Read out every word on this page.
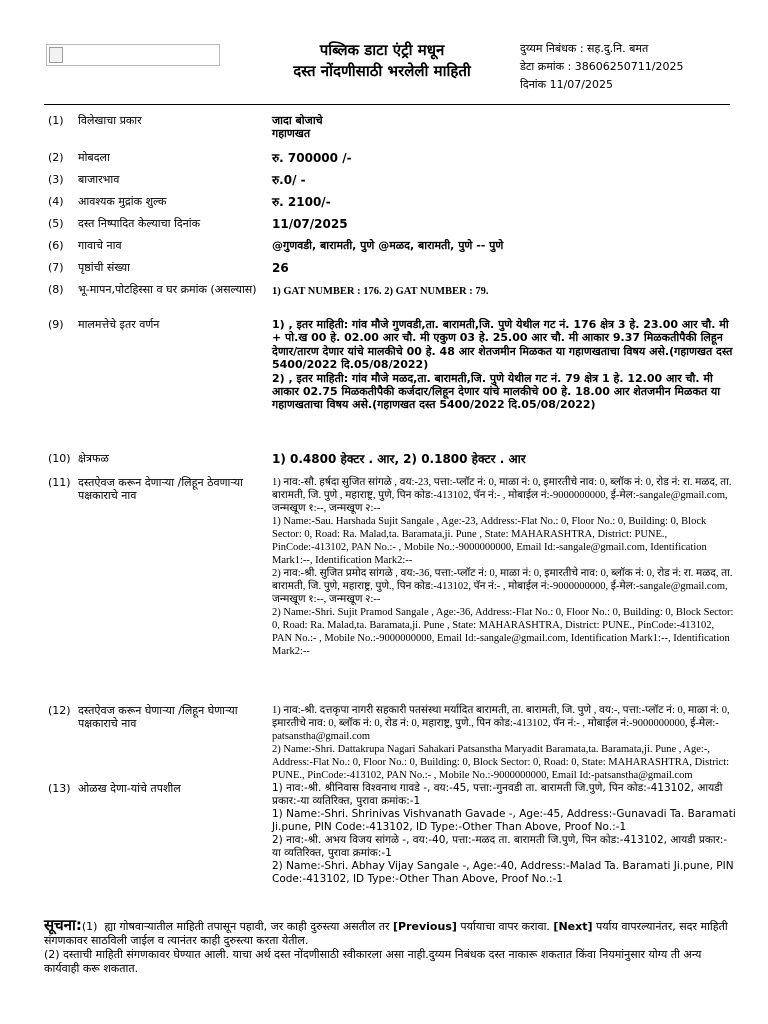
पब्लिक डाटा एंट्री मधून
दस्त नोंदणीसाठी भरलेली माहिती
दुय्यम निबंधक : सह.दु.नि. बमत
डेटा क्रमांक : 38606250711/2025
दिनांक 11/07/2025
(1) विलेखाचा प्रकार	जादा बोजाचे
गहाणखत
(2) मोबदला	रु. 700000 /-
(3) बाजारभाव	रु.0/ -
(4) आवश्यक मुद्रांक शुल्क	रु. 2100/-
(5) दस्त निष्पादित केल्याचा दिनांक	11/07/2025
(6) गावाचे नाव	@गुणवडी, बारामती, पुणे @मळद, बारामती, पुणे -- पुणे
(7) पृष्ठांची संख्या	26
(8) भू-मापन,पोटहिस्सा व घर क्रमांक (असल्यास)	1) GAT NUMBER : 176. 2) GAT NUMBER : 79.
(9) मालमत्तेचे इतर वर्णन	1) , इतर माहिती: गांव मौजे गुणवडी,ता. बारामती,जि. पुणे येथील गट नं. 176 क्षेत्र 3 हे. 23.00 आर चौ. मी + पो.ख 00 हे. 02.00 आर चौ. मी एकुण 03 हे. 25.00 आर चौ. मी आकार 9.37 मिळकतीपैकी लिहून देणार/तारण देणार यांचे मालकीचे 00 हे. 48 आर शेतजमीन मिळकत या गहाणखताचा विषय असे.(गहाणखत दस्त 5400/2022 दि.05/08/2022)

2) , इतर माहिती: गांव मौजे मळद,ता. बारामती,जि. पुणे येथील गट नं. 79 क्षेत्र 1 हे. 12.00 आर चौ. मी आकार 02.75 मिळकतीपैकी कर्जदार/लिहून देणार यांचे मालकीचे 00 हे. 18.00 आर शेतजमीन मिळकत या गहाणखताचा विषय असे.(गहाणखत दस्त 5400/2022 दि.05/08/2022)

(10) क्षेत्रफळ	1) 0.4800 हेक्टर . आर, 2) 0.1800 हेक्टर . आर
(11) दस्तऐवज करून देणाऱ्या /लिहून ठेवणाऱ्या पक्षकाराचे नाव

1) नाव:-सौ. हर्षदा सुजित सांगळे , वय:-23, पत्ता:-प्लॉट नं: 0, माळा नं: 0, इमारतीचे नाव: 0, ब्लॉक नं: 0, रोड नं: रा. मळद, ता. बारामती, जि. पुणे , महाराष्ट्र, पुणे, पिन कोड:-413102, पॅन नं:- , मोबाईल नं:-9000000000, ई-मेल:-sangale@gmail.com, जन्मखूण १:--, जन्मखूण २:--

1) Name:-Sau. Harshada Sujit Sangale , Age:-23, Address:-Flat No.: 0, Floor No.: 0, Building: 0, Block Sector: 0, Road: Ra. Malad,ta. Baramata,ji. Pune , State: MAHARASHTRA, District: PUNE., PinCode:-413102, PAN No.:- , Mobile No.:-9000000000, Email Id:-sangale@gmail.com, Identification Mark1:--, Identification Mark2:--

2) नाव:-श्री. सुजित प्रमोद सांगळे , वय:-36, पत्ता:-प्लॉट नं: 0, माळा नं: 0, इमारतीचे नाव: 0, ब्लॉक नं: 0, रोड नं: रा. मळद, ता. बारामती, जि. पुणे, महाराष्ट्र, पुणे., पिन कोड:-413102, पॅन नं:- , मोबाईल नं:-9000000000, ई-मेल:-sangale@gmail.com, जन्मखूण १:--, जन्मखूण २:--

2) Name:-Shri. Sujit Pramod Sangale , Age:-36, Address:-Flat No.: 0, Floor No.: 0, Building: 0, Block Sector: 0, Road: Ra. Malad,ta. Baramata,ji. Pune , State: MAHARASHTRA, District: PUNE., PinCode:-413102, PAN No.:- , Mobile No.:-9000000000, Email Id:-sangale@gmail.com, Identification Mark1:--, Identification Mark2:--

(12) दस्तऐवज करून घेणाऱ्या /लिहून घेणाऱ्या पक्षकाराचे नाव

1) नाव:-श्री. दत्तकृपा नागरी सहकारी पतसंस्था मर्यादित बारामती, ता. बारामती, जि. पुणे , वय:-, पत्ता:-प्लॉट नं: 0, माळा नं: 0, इमारतीचे नाव: 0, ब्लॉक नं: 0, रोड नं: 0, महाराष्ट्र, पुणे., पिन कोड:-413102, पॅन नं:- , मोबाईल नं:-9000000000, ई-मेल:-patsanstha@gmail.com

2) Name:-Shri. Dattakrupa Nagari Sahakari Patsanstha Maryadit Baramata,ta. Baramata,ji. Pune , Age:-, Address:-Flat No.: 0, Floor No.: 0, Building: 0, Block Sector: 0, Road: 0, State: MAHARASHTRA, District: PUNE., PinCode:-413102, PAN No.:- , Mobile No.:-9000000000, Email Id:-patsanstha@gmail.com

(13) ओळख देणा-यांचे तपशील	1) नाव:-श्री. श्रीनिवास विश्वनाथ गावडे -, वय:-45, पत्ता:-गुनवडी ता. बारामती जि.पुणे, पिन कोड:-413102, आयडी प्रकार:-या व्यतिरिक्त, पुरावा क्रमांक:-1

1) Name:-Shri. Shrinivas Vishvanath Gavade -, Age:-45, Address:-Gunavadi Ta. Baramati Ji.pune, PIN Code:-413102, ID Type:-Other Than Above, Proof No.:-1

2) नाव:-श्री. अभय विजय सांगळे -, वय:-40, पत्ता:-मळद ता. बारामती जि.पुणे, पिन कोड:-413102, आयडी प्रकार:-या व्यतिरिक्त, पुरावा क्रमांक:-1

2) Name:-Shri. Abhay Vijay Sangale -, Age:-40, Address:-Malad Ta. Baramati Ji.pune, PIN Code:-413102, ID Type:-Other Than Above, Proof No.:-1

सूचना:(1) ह्या गोषवाऱ्यातील माहिती तपासून पहावी, जर काही दुरुस्त्या असतील तर [Previous] पर्यायाचा वापर करावा. [Next] पर्याय वापरल्यानंतर, सदर माहिती संगणकावर साठविली जाईल व त्यानंतर काही दुरुस्त्या करता येतील.

(2) दस्ताची माहिती संगणकावर घेण्यात आली. याचा अर्थ दस्त नोंदणीसाठी स्वीकारला असा नाही.दुय्यम निबंधक दस्त नाकारू शकतात किंवा नियमांनुसार योग्य ती अन्य कार्यवाही करू शकतात.
